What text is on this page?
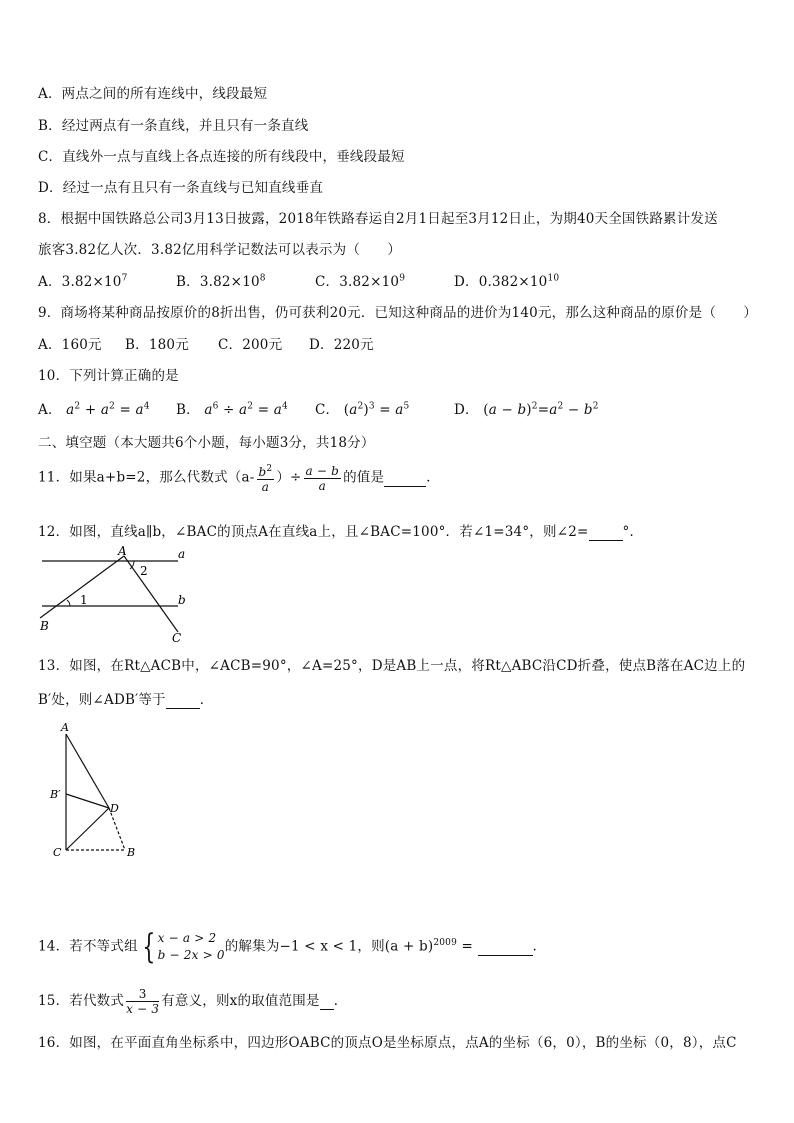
A．两点之间的所有连线中，线段最短
B．经过两点有一条直线，并且只有一条直线
C．直线外一点与直线上各点连接的所有线段中，垂线段最短
D．经过一点有且只有一条直线与已知直线垂直
8．根据中国铁路总公司3月13日披露，2018年铁路春运自2月1日起至3月12日止，为期40天全国铁路累计发送
旅客3.82亿人次．3.82亿用科学记数法可以表示为（　　）
A．$3.82\times 10^7$	B．$3.82\times 10^8$	C．$3.82\times 10^9$	D．$0.382\times 10^{10}$
9．商场将某种商品按原价的8折出售，仍可获利20元．已知这种商品的进价为140元，那么这种商品的原价是（　　）
A．160元 B．180元 C．200元 D．220元
10．下列计算正确的是
A． $a^2 + a^2 = a^4$ B． $a^6 \div a^2 = a^4$ C． $(a^2)^3 = a^5$	D． $(a - b)^2=a^2 - b^2$
二、填空题（本大题共6个小题，每小题3分，共18分）
11．如果a+b=2，那么代数式（$a- \frac{b^2}{a}$ ）÷ $\frac{a - b}{a}$ 的值是	．
12．如图，直线a∥b，∠BAC的顶点A在直线a上，且∠BAC=100°．若∠1=34°，则∠2=	°．
A	a
b
B
C
1
2
13．如图，在Rt△ACB中，∠ACB=90°，∠A=25°，D是AB上一点，将Rt△ABC沿CD折叠，使点B落在AC边上的
B′处，则∠ADB′等于	．
A
B′
D
C	B
14．若不等式组 { x − a > 2
b − 2x > 0
的解集为−1 < x < 1，则$(a + b)^{2009}$ =	.
15．若代数式 $\frac{3}{x - 3}$ 有意义，则x的取值范围是 ．
16．如图，在平面直角坐标系中，四边形OABC的顶点O是坐标原点，点A的坐标（6，0），B的坐标（0，8），点C
